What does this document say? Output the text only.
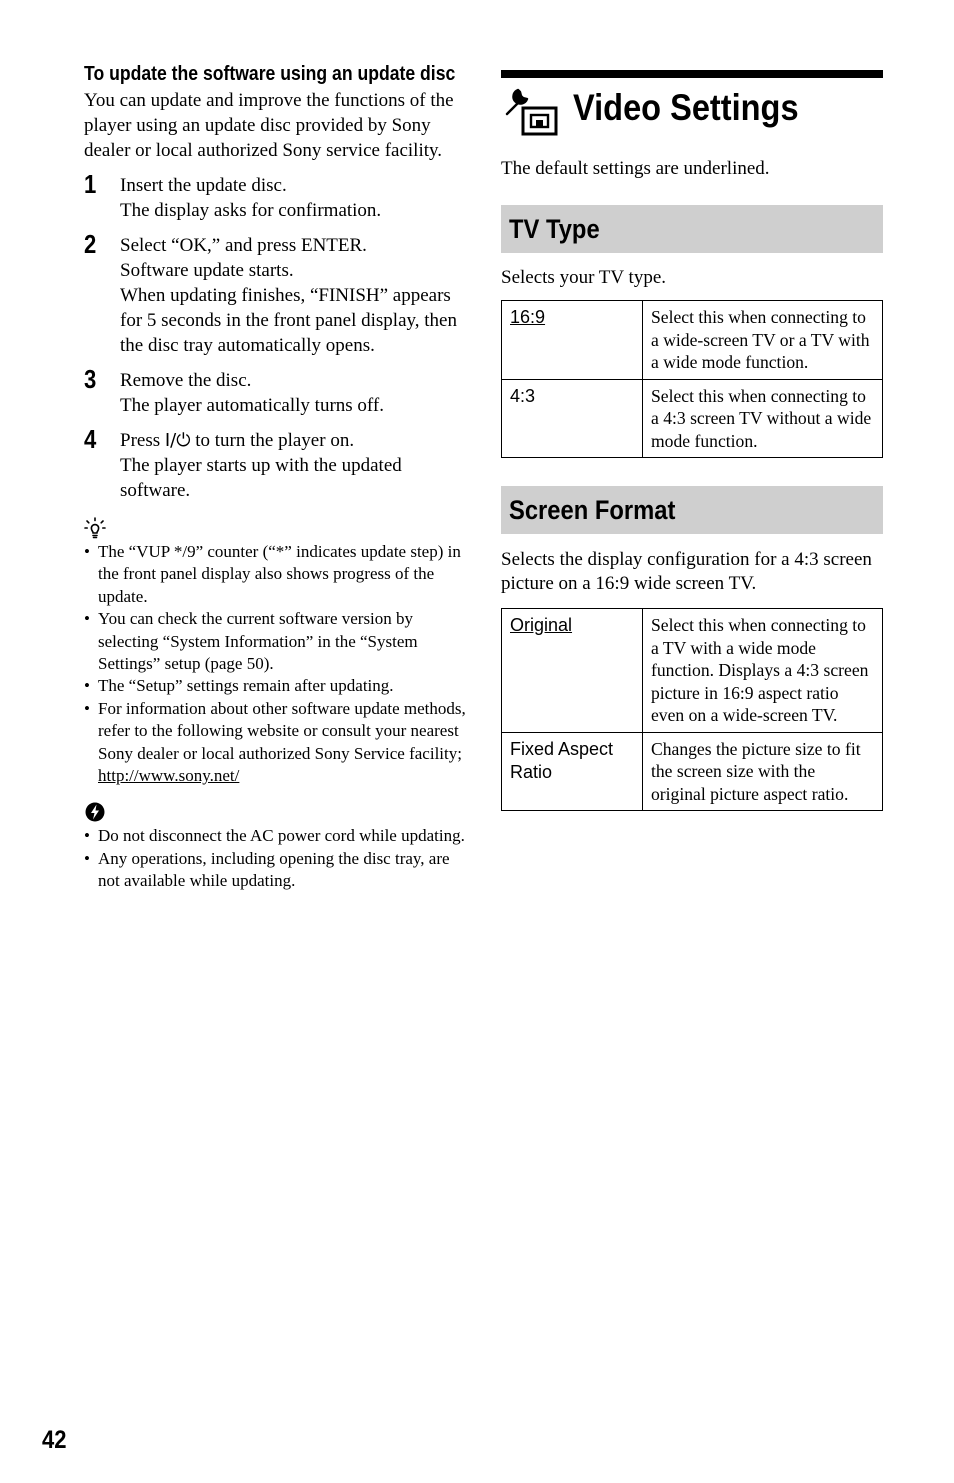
To update the software using an update disc

You can update and improve the functions of the player using an update disc provided by Sony dealer or local authorized Sony service facility.

1 Insert the update disc.
The display asks for confirmation.
2 Select “OK,” and press ENTER.
Software update starts.
When updating finishes, “FINISH” appears for 5 seconds in the front panel display, then the disc tray automatically opens.
3 Remove the disc.
The player automatically turns off.
4 Press I/⏻ to turn the player on.
The player starts up with the updated software.
• The “VUP */9” counter (“*” indicates update step) in the front panel display also shows progress of the update.
• You can check the current software version by selecting “System Information” in the “System Settings” setup (page 50).
• The “Setup” settings remain after updating.
• For information about other software update methods, refer to the following website or consult your nearest Sony dealer or local authorized Sony Service facility;
http://www.sony.net/
• Do not disconnect the AC power cord while updating.
• Any operations, including opening the disc tray, are not available while updating.
Video Settings

The default settings are underlined.

TV Type

Selects your TV type.

16:9	Select this when connecting to a wide-screen TV or a TV with a wide mode function.
4:3	Select this when connecting to a 4:3 screen TV without a wide mode function.
Screen Format

Selects the display configuration for a 4:3 screen picture on a 16:9 wide screen TV.

Original	Select this when connecting to a TV with a wide mode function. Displays a 4:3 screen picture in 16:9 aspect ratio even on a wide-screen TV.
Fixed Aspect Ratio	Changes the picture size to fit the screen size with the original picture aspect ratio.
42
